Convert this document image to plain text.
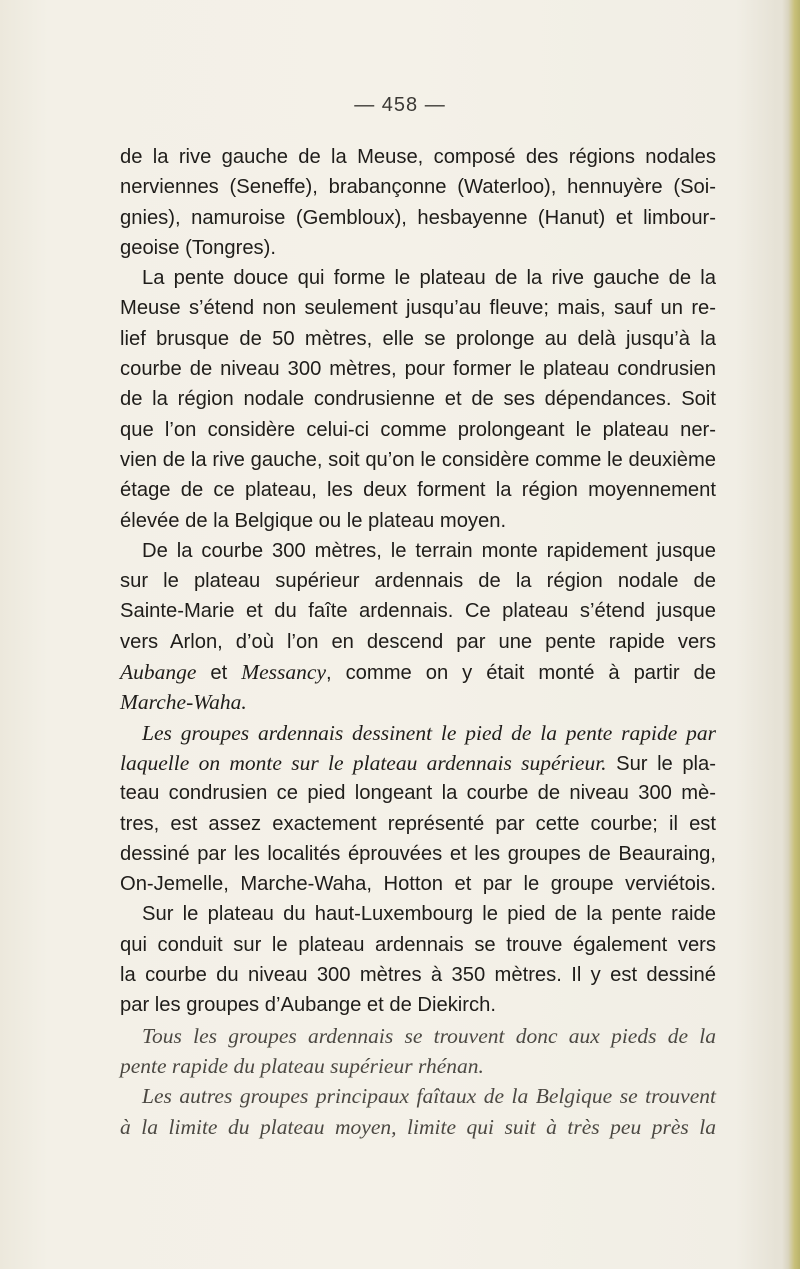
— 458 —
de la rive gauche de la Meuse, composé des régions nodales
nerviennes (Seneffe), brabançonne (Waterloo), hennuyère (Soi-
gnies), namuroise (Gembloux), hesbayenne (Hanut) et limbour-
geoise (Tongres).
La pente douce qui forme le plateau de la rive gauche de la
Meuse s’étend non seulement jusqu’au fleuve; mais, sauf un re-
lief brusque de 50 mètres, elle se prolonge au delà jusqu’à la
courbe de niveau 300 mètres, pour former le plateau condrusien
de la région nodale condrusienne et de ses dépendances. Soit
que l’on considère celui-ci comme prolongeant le plateau ner-
vien de la rive gauche, soit qu’on le considère comme le deuxième
étage de ce plateau, les deux forment la région moyennement
élevée de la Belgique ou le plateau moyen.
De la courbe 300 mètres, le terrain monte rapidement jusque
sur le plateau supérieur ardennais de la région nodale de
Sainte-Marie et du faîte ardennais. Ce plateau s’étend jusque
vers Arlon, d’où l’on en descend par une pente rapide vers
Aubange et Messancy, comme on y était monté à partir de
Marche-Waha.
Les groupes ardennais dessinent le pied de la pente rapide par
laquelle on monte sur le plateau ardennais supérieur. Sur le pla-
teau condrusien ce pied longeant la courbe de niveau 300 mè-
tres, est assez exactement représenté par cette courbe; il est
dessiné par les localités éprouvées et les groupes de Beauraing,
On-Jemelle, Marche-Waha, Hotton et par le groupe verviétois.
Sur le plateau du haut-Luxembourg le pied de la pente raide
qui conduit sur le plateau ardennais se trouve également vers
la courbe du niveau 300 mètres à 350 mètres. Il y est dessiné
par les groupes d’Aubange et de Diekirch.
Tous les groupes ardennais se trouvent donc aux pieds de la
pente rapide du plateau supérieur rhénan.
Les autres groupes principaux faîtaux de la Belgique se trouvent
à la limite du plateau moyen, limite qui suit à très peu près la
